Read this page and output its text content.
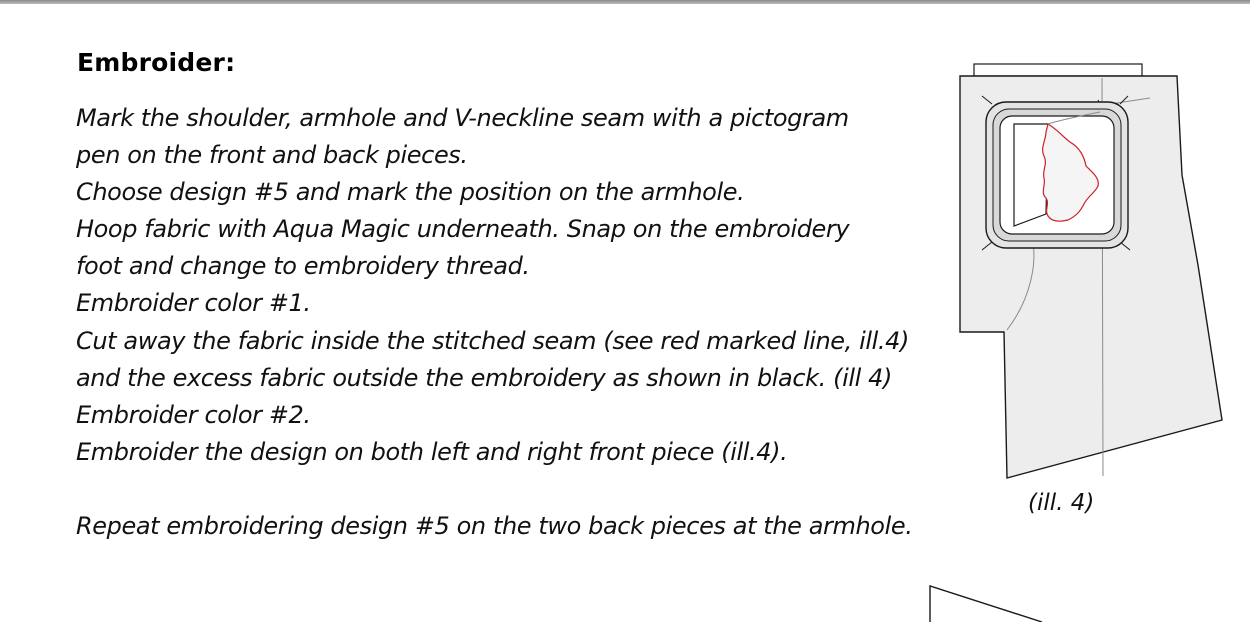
Embroider:
Mark the shoulder, armhole and V-neckline seam with a pictogram
pen on the front and back pieces.
Choose design #5 and mark the position on the armhole.
Hoop fabric with Aqua Magic underneath. Snap on the embroidery
foot and change to embroidery thread.
Embroider color #1.
Cut away the fabric inside the stitched seam (see red marked line, ill.4)
and the excess fabric outside the embroidery as shown in black. (ill 4)
Embroider color #2.
Embroider the design on both left and right front piece (ill.4).
Repeat embroidering design #5 on the two back pieces at the armhole.
(ill. 4)
